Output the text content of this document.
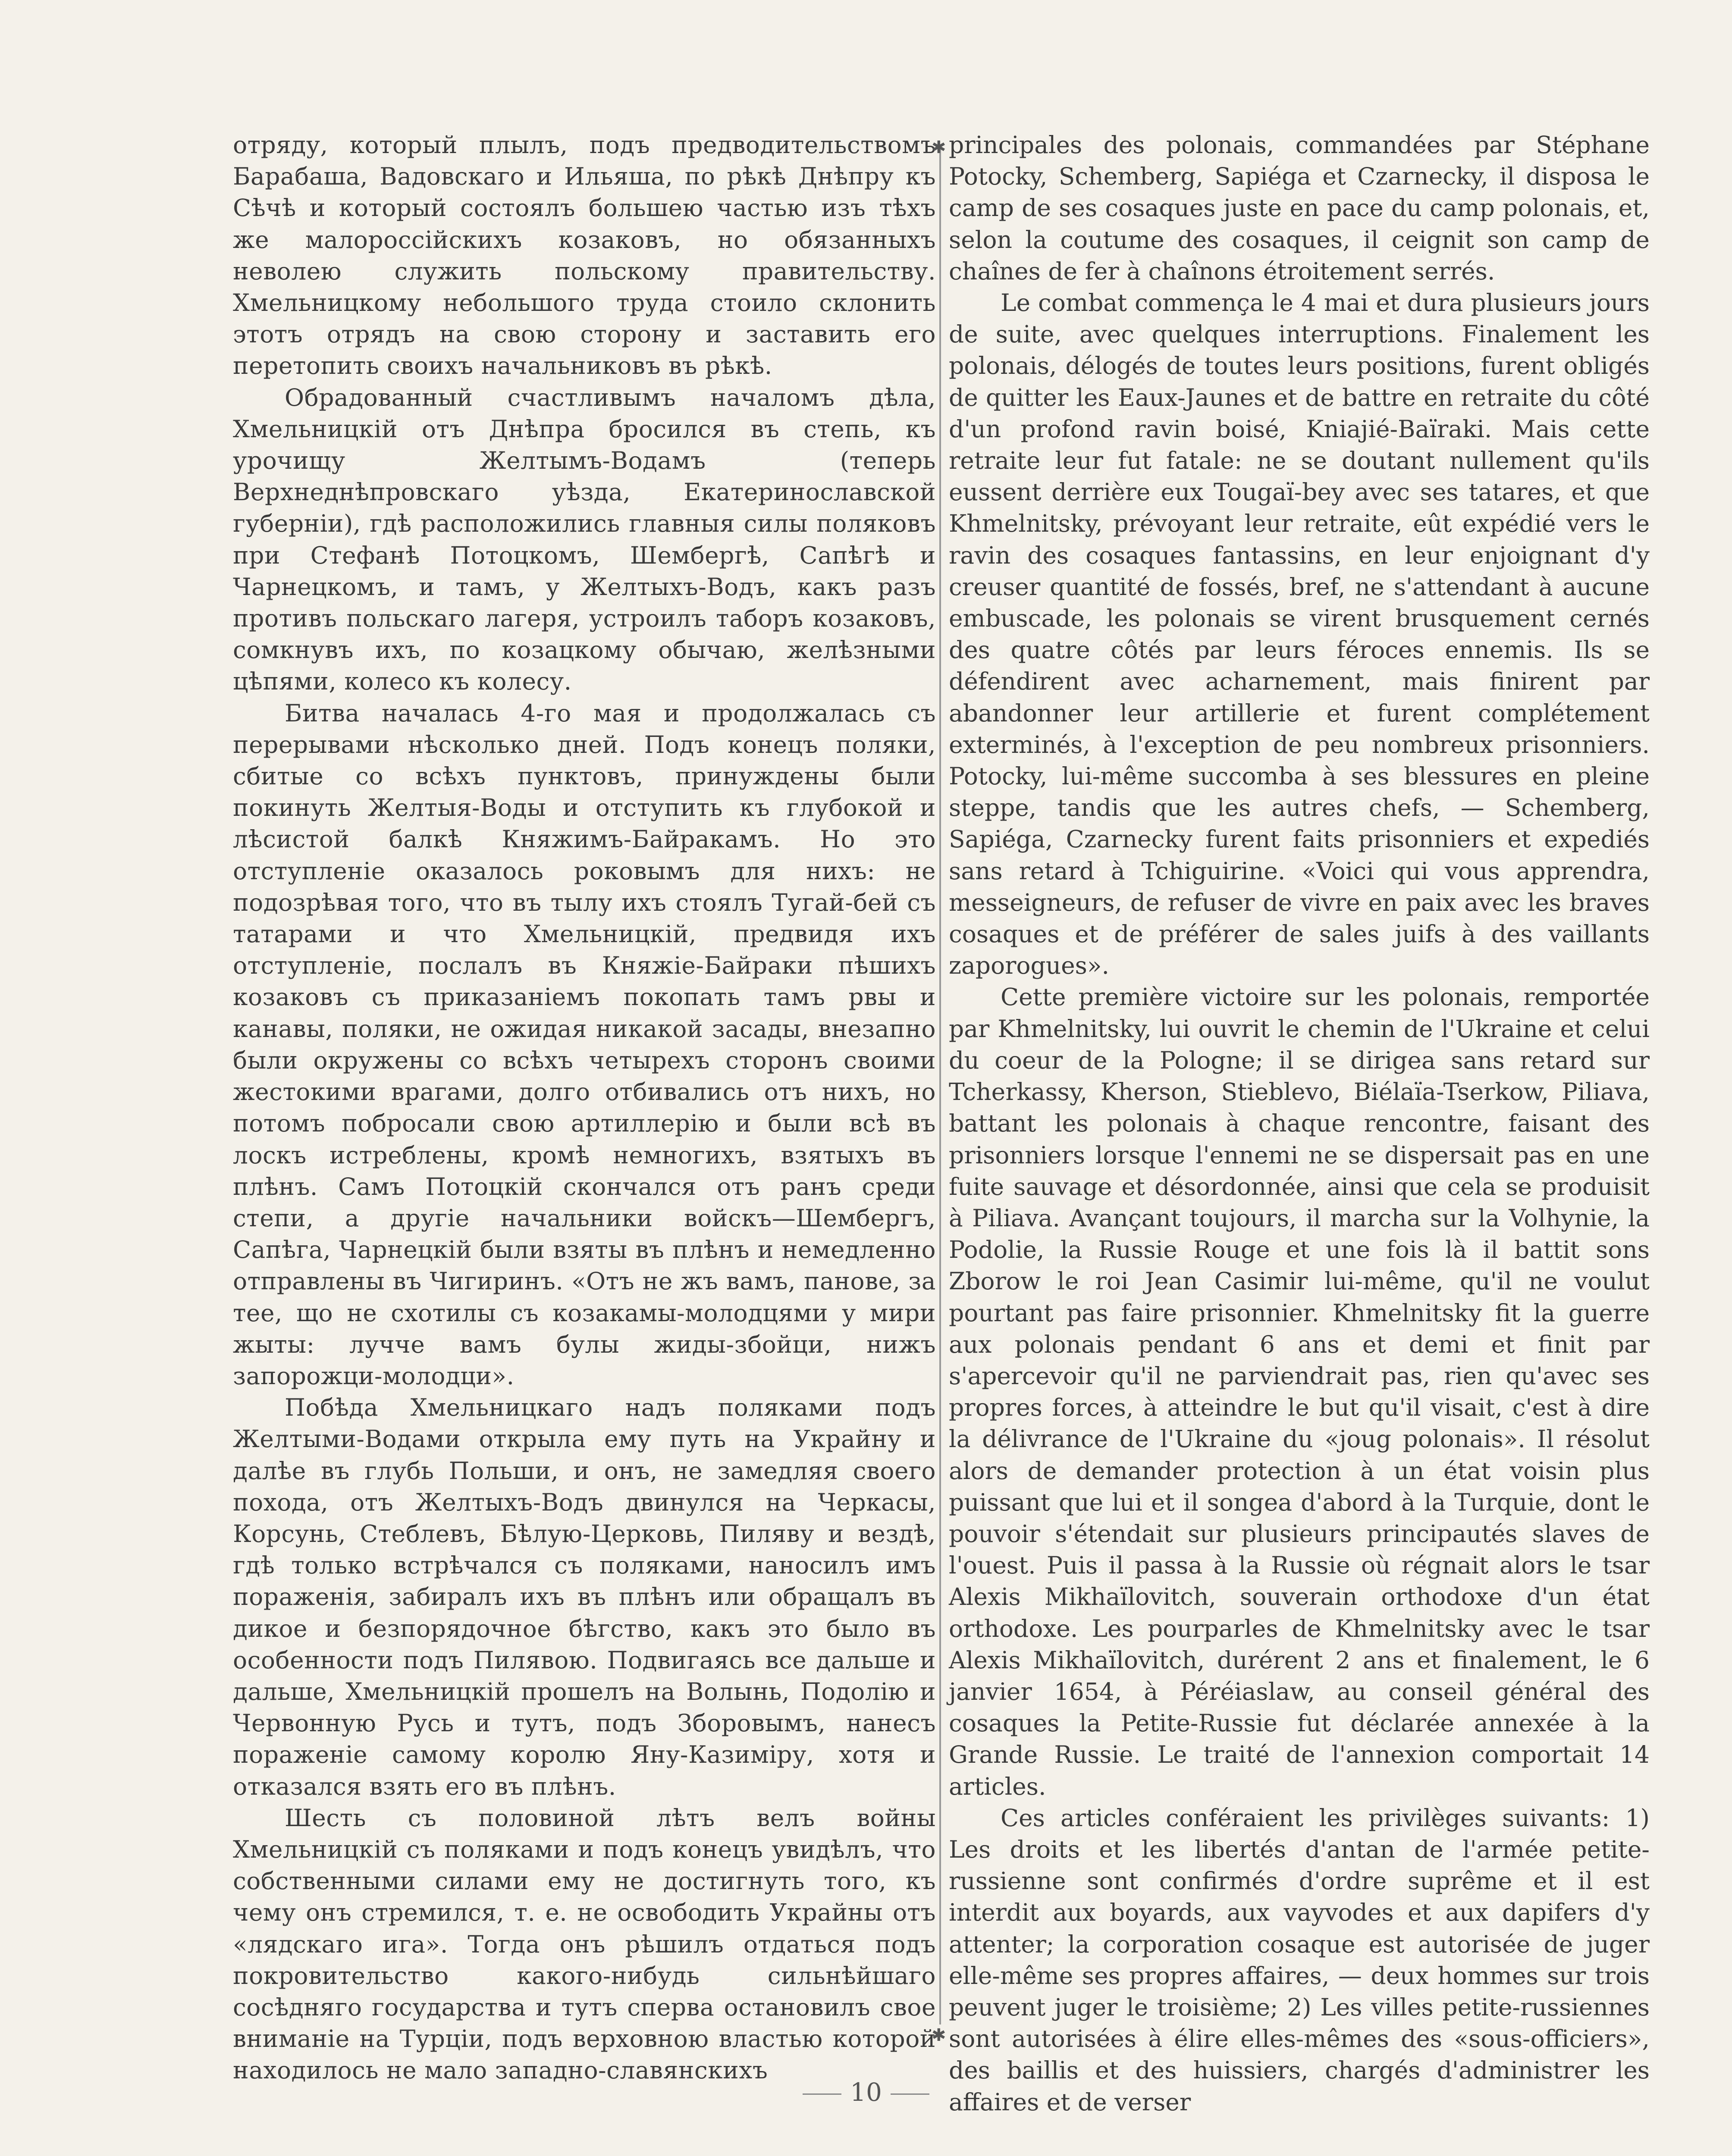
отряду, который плылъ, подъ предводительствомъ Барабаша, Вадовскаго и Ильяша, по рѣкѣ Днѣпру къ Сѣчѣ и который состоялъ большею частью изъ тѣхъ же малороссійскихъ козаковъ, но обязанныхъ неволею служить польскому правительству. Хмельницкому небольшого труда стоило склонить этотъ отрядъ на свою сторону и заставить его перетопить своихъ начальниковъ въ рѣкѣ.

Обрадованный счастливымъ началомъ дѣла, Хмельницкій отъ Днѣпра бросился въ степь, къ урочищу Желтымъ-Водамъ (теперь Верхнеднѣпровскаго уѣзда, Екатеринославской губерніи), гдѣ расположились главныя силы поляковъ при Стефанѣ Потоцкомъ, Шембергѣ, Сапѣгѣ и Чарнецкомъ, и тамъ, у Желтыхъ-Водъ, какъ разъ противъ польскаго лагеря, устроилъ таборъ козаковъ, сомкнувъ ихъ, по козацкому обычаю, желѣзными цѣпями, колесо къ колесу.

Битва началась 4-го мая и продолжалась съ перерывами нѣсколько дней. Подъ конецъ поляки, сбитые со всѣхъ пунктовъ, принуждены были покинуть Желтыя-Воды и отступить къ глубокой и лѣсистой балкѣ Княжимъ-Байракамъ. Но это отступленіе оказалось роковымъ для нихъ: не подозрѣвая того, что въ тылу ихъ стоялъ Тугай-бей съ татарами и что Хмельницкій, предвидя ихъ отступленіе, послалъ въ Княжіе-Байраки пѣшихъ козаковъ съ приказаніемъ покопать тамъ рвы и канавы, поляки, не ожидая никакой засады, внезапно были окружены со всѣхъ четырехъ сторонъ своими жестокими врагами, долго отбивались отъ нихъ, но потомъ побросали свою артиллерію и были всѣ въ лоскъ истреблены, кромѣ немногихъ, взятыхъ въ плѣнъ. Самъ Потоцкій скончался отъ ранъ среди степи, а другіе начальники войскъ—Шембергъ, Сапѣга, Чарнецкій были взяты въ плѣнъ и немедленно отправлены въ Чигиринъ. «Отъ не жъ вамъ, панове, за тее, що не схотилы съ козакамы-молодцями у мири жыты: лучче вамъ булы жиды-збойци, нижъ запорожци-молодци».

Побѣда Хмельницкаго надъ поляками подъ Желтыми-Водами открыла ему путь на Украйну и далѣе въ глубь Польши, и онъ, не замедляя своего похода, отъ Желтыхъ-Водъ двинулся на Черкасы, Корсунь, Стеблевъ, Бѣлую-Церковь, Пиляву и вездѣ, гдѣ только встрѣчался съ поляками, наносилъ имъ пораженія, забиралъ ихъ въ плѣнъ или обращалъ въ дикое и безпорядочное бѣгство, какъ это было въ особенности подъ Пилявою. Подвигаясь все дальше и дальше, Хмельницкій прошелъ на Волынь, Подолію и Червонную Русь и тутъ, подъ Зборовымъ, нанесъ пораженіе самому королю Яну-Казиміру, хотя и отказался взять его въ плѣнъ.

Шесть съ половиной лѣтъ велъ войны Хмельницкій съ поляками и подъ конецъ увидѣлъ, что собственными силами ему не достигнуть того, къ чему онъ стремился, т. е. не освободить Украйны отъ «лядскаго ига». Тогда онъ рѣшилъ отдаться подъ покровительство какого-нибудь сильнѣйшаго сосѣдняго государства и тутъ сперва остановилъ свое вниманіе на Турціи, подъ верховною властью которой находилось не мало западно-славянскихъ

✱
✱

principales des polonais, commandées par Stéphane Potocky, Schemberg, Sapiéga et Czarnecky, il disposa le camp de ses cosaques juste en pace du camp polonais, et, selon la coutume des cosaques, il ceignit son camp de chaînes de fer à chaînons étroitement serrés.

Le combat commença le 4 mai et dura plusieurs jours de suite, avec quelques interruptions. Finalement les polonais, délogés de toutes leurs positions, furent obligés de quitter les Eaux-Jaunes et de battre en retraite du côté d'un profond ravin boisé, Kniajié-Baïraki. Mais cette retraite leur fut fatale: ne se doutant nullement qu'ils eussent derrière eux Tougaï-bey avec ses tatares, et que Khmelnitsky, prévoyant leur retraite, eût expédié vers le ravin des cosaques fantassins, en leur enjoignant d'y creuser quantité de fossés, bref, ne s'attendant à aucune embuscade, les polonais se virent brusquement cernés des quatre côtés par leurs féroces ennemis. Ils se défendirent avec acharnement, mais finirent par abandonner leur artillerie et furent complétement exterminés, à l'exception de peu nombreux prisonniers. Potocky, lui-même succomba à ses blessures en pleine steppe, tandis que les autres chefs, — Schemberg, Sapiéga, Czarnecky furent faits prisonniers et expediés sans retard à Tchiguirine. «Voici qui vous apprendra, messeigneurs, de refuser de vivre en paix avec les braves cosaques et de préférer de sales juifs à des vaillants zaporogues».

Cette première victoire sur les polonais, remportée par Khmelnitsky, lui ouvrit le chemin de l'Ukraine et celui du coeur de la Pologne; il se dirigea sans retard sur Tcherkassy, Kherson, Stieblevo, Biélaïa-Tserkow, Piliava, battant les polonais à chaque rencontre, faisant des prisonniers lorsque l'ennemi ne se dispersait pas en une fuite sauvage et désordonnée, ainsi que cela se produisit à Piliava. Avançant toujours, il marcha sur la Volhynie, la Podolie, la Russie Rouge et une fois là il battit sons Zborow le roi Jean Casimir lui-même, qu'il ne voulut pourtant pas faire prisonnier. Khmelnitsky fit la guerre aux polonais pendant 6 ans et demi et finit par s'apercevoir qu'il ne parviendrait pas, rien qu'avec ses propres forces, à atteindre le but qu'il visait, c'est à dire la délivrance de l'Ukraine du «joug polonais». Il résolut alors de demander protection à un état voisin plus puissant que lui et il songea d'abord à la Turquie, dont le pouvoir s'étendait sur plusieurs principautés slaves de l'ouest. Puis il passa à la Russie où régnait alors le tsar Alexis Mikhaïlovitch, souverain orthodoxe d'un état orthodoxe. Les pourparles de Khmelnitsky avec le tsar Alexis Mikhaïlovitch, durérent 2 ans et finalement, le 6 janvier 1654, à Péréiaslaw, au conseil général des cosaques la Petite-Russie fut déclarée annexée à la Grande Russie. Le traité de l'annexion comportait 14 articles.

Ces articles conféraient les privilèges suivants: 1) Les droits et les libertés d'antan de l'armée petite-russienne sont confirmés d'ordre suprême et il est interdit aux boyards, aux vayvodes et aux dapifers d'y attenter; la corporation cosaque est autorisée de juger elle-même ses propres affaires, — deux hommes sur trois peuvent juger le troisième; 2) Les villes petite-russiennes sont autorisées à élire elles-mêmes des «sous-officiers», des baillis et des huissiers, chargés d'administrer les affaires et de verser

10
